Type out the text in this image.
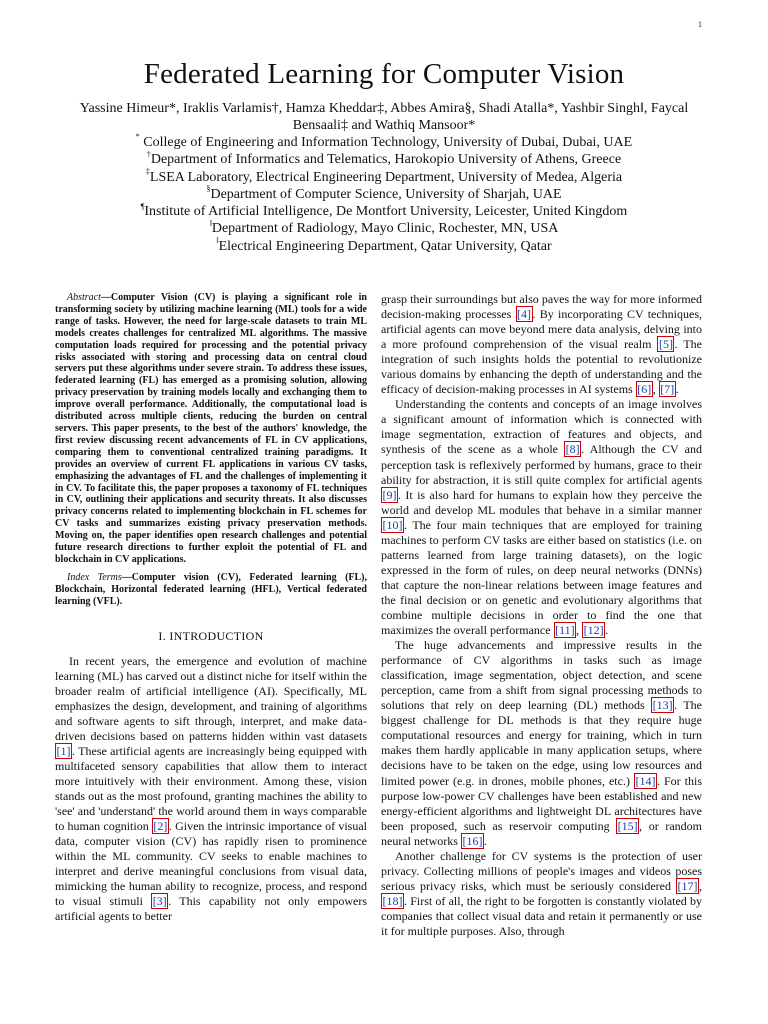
1
Federated Learning for Computer Vision
Yassine Himeur*, Iraklis Varlamis†, Hamza Kheddar‡, Abbes Amira§, Shadi Atalla*, Yashbir Singh‖, Faycal Bensaali‡ and Wathiq Mansoor*
* College of Engineering and Information Technology, University of Dubai, Dubai, UAE
†Department of Informatics and Telematics, Harokopio University of Athens, Greece
‡LSEA Laboratory, Electrical Engineering Department, University of Medea, Algeria
§Department of Computer Science, University of Sharjah, UAE
¶Institute of Artificial Intelligence, De Montfort University, Leicester, United Kingdom
‖Department of Radiology, Mayo Clinic, Rochester, MN, USA
‖Electrical Engineering Department, Qatar University, Qatar

Abstract—Computer Vision (CV) is playing a significant role in transforming society by utilizing machine learning (ML) tools for a wide range of tasks. However, the need for large-scale datasets to train ML models creates challenges for centralized ML algorithms. The massive computation loads required for processing and the potential privacy risks associated with storing and processing data on central cloud servers put these algorithms under severe strain. To address these issues, federated learning (FL) has emerged as a promising solution, allowing privacy preservation by training models locally and exchanging them to improve overall performance. Additionally, the computational load is distributed across multiple clients, reducing the burden on central servers. This paper presents, to the best of the authors' knowledge, the first review discussing recent advancements of FL in CV applications, comparing them to conventional centralized training paradigms. It provides an overview of current FL applications in various CV tasks, emphasizing the advantages of FL and the challenges of implementing it in CV. To facilitate this, the paper proposes a taxonomy of FL techniques in CV, outlining their applications and security threats. It also discusses privacy concerns related to implementing blockchain in FL schemes for CV tasks and summarizes existing privacy preservation methods. Moving on, the paper identifies open research challenges and potential future research directions to further exploit the potential of FL and blockchain in CV applications.

Index Terms—Computer vision (CV), Federated learning (FL), Blockchain, Horizontal federated learning (HFL), Vertical federated learning (VFL).

I. INTRODUCTION

In recent years, the emergence and evolution of machine learning (ML) has carved out a distinct niche for itself within the broader realm of artificial intelligence (AI). Specifically, ML emphasizes the design, development, and training of algorithms and software agents to sift through, interpret, and make data-driven decisions based on patterns hidden within vast datasets [1] . These artificial agents are increasingly being equipped with multifaceted sensory capabilities that allow them to interact more intuitively with their environment. Among these, vision stands out as the most profound, granting machines the ability to 'see' and 'understand' the world around them in ways comparable to human cognition [2] . Given the intrinsic importance of visual data, computer vision (CV) has rapidly risen to prominence within the ML community. CV seeks to enable machines to interpret and derive meaningful conclusions from visual data, mimicking the human ability to recognize, process, and respond to visual stimuli [3] . This capability not only empowers artificial agents to better

grasp their surroundings but also paves the way for more informed decision-making processes [4] . By incorporating CV techniques, artificial agents can move beyond mere data analysis, delving into a more profound comprehension of the visual realm [5] . The integration of such insights holds the potential to revolutionize various domains by enhancing the depth of understanding and the efficacy of decision-making processes in AI systems [6] , [7] .

Understanding the contents and concepts of an image involves a significant amount of information which is connected with image segmentation, extraction of features and objects, and synthesis of the scene as a whole [8] . Although the CV and perception task is reflexively performed by humans, grace to their ability for abstraction, it is still quite complex for artificial agents [9] . It is also hard for humans to explain how they perceive the world and develop ML modules that behave in a similar manner [10] . The four main techniques that are employed for training machines to perform CV tasks are either based on statistics (i.e. on patterns learned from large training datasets), on the logic expressed in the form of rules, on deep neural networks (DNNs) that capture the non-linear relations between image features and the final decision or on genetic and evolutionary algorithms that combine multiple decisions in order to find the one that maximizes the overall performance [11] , [12] .

The huge advancements and impressive results in the performance of CV algorithms in tasks such as image classification, image segmentation, object detection, and scene perception, came from a shift from signal processing methods to solutions that rely on deep learning (DL) methods [13] . The biggest challenge for DL methods is that they require huge computational resources and energy for training, which in turn makes them hardly applicable in many application setups, where decisions have to be taken on the edge, using low resources and limited power (e.g. in drones, mobile phones, etc.) [14] . For this purpose low-power CV challenges have been established and new energy-efficient algorithms and lightweight DL architectures have been proposed, such as reservoir computing [15] , or random neural networks [16] .

Another challenge for CV systems is the protection of user privacy. Collecting millions of people's images and videos poses serious privacy risks, which must be seriously considered [17] , [18] . First of all, the right to be forgotten is constantly violated by companies that collect visual data and retain it permanently or use it for multiple purposes. Also, through
